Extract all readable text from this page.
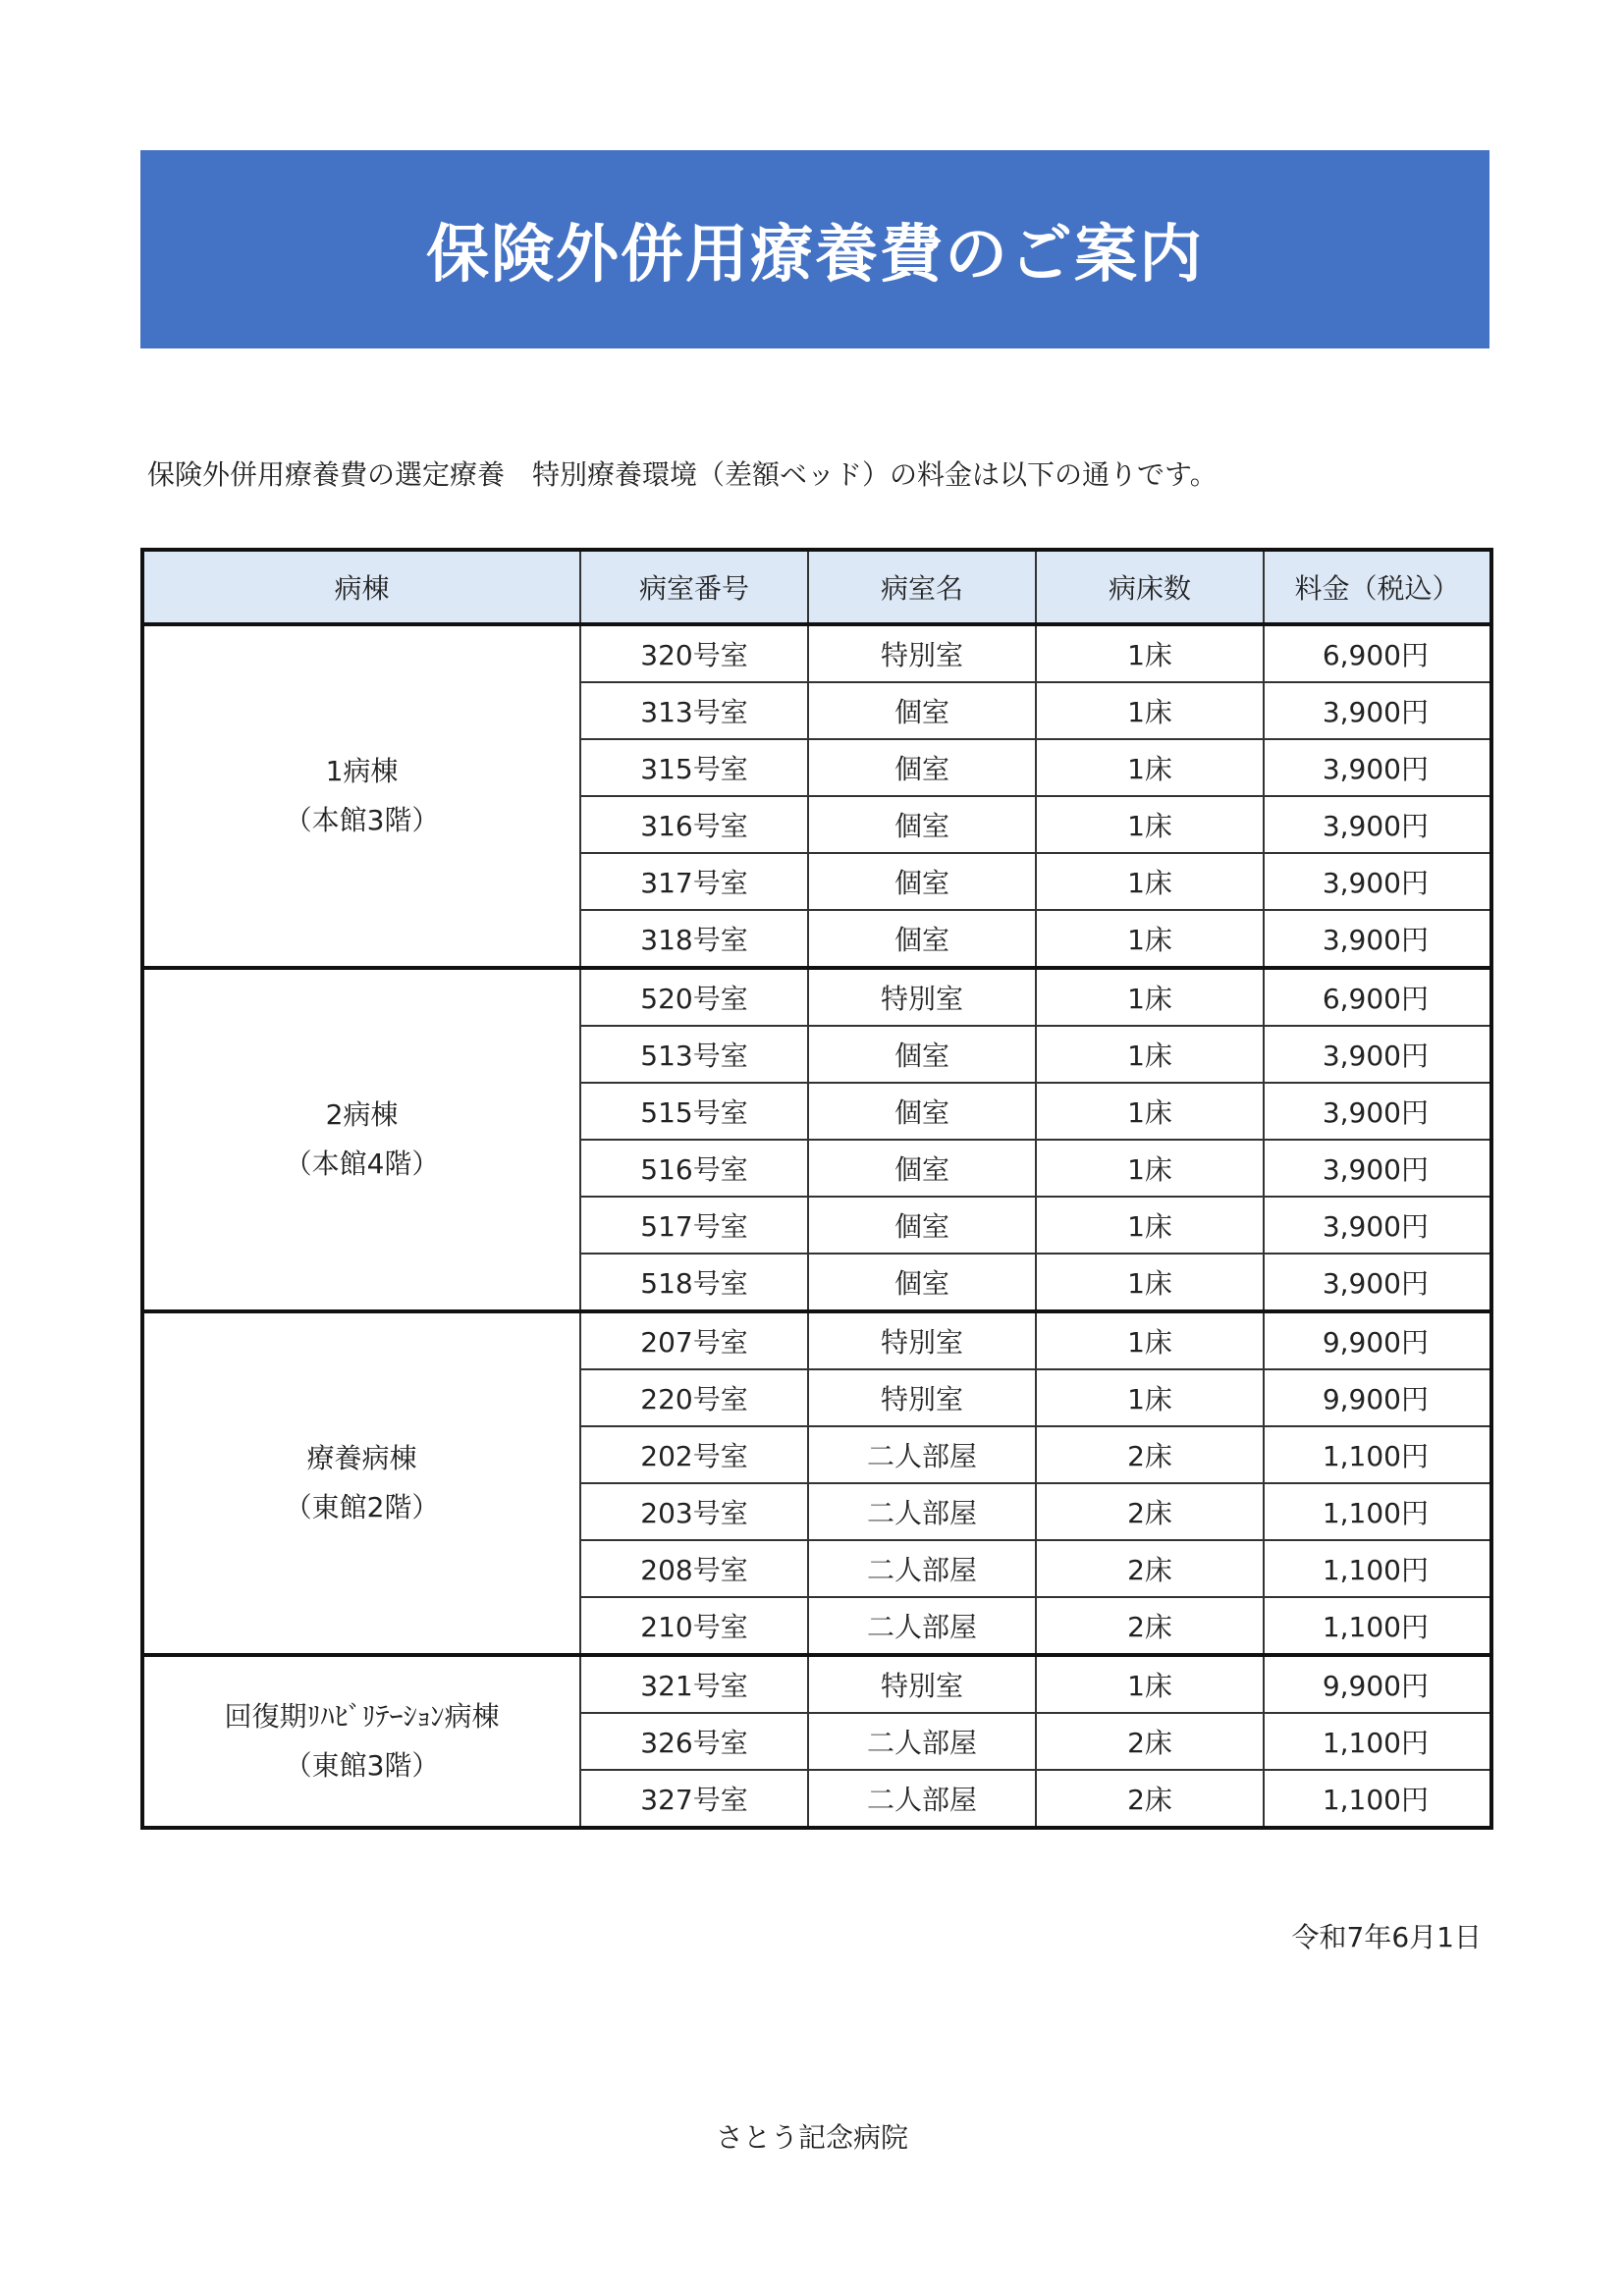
保険外併用療養費のご案内

保険外併用療養費の選定療養　特別療養環境（差額ベッド）の料金は以下の通りです。

病棟	病室番号	病室名	病床数	料金（税込）

1病棟
（本館3階）	320号室	特別室	1床	6,900円
	313号室	個室	1床	3,900円
	315号室	個室	1床	3,900円
	316号室	個室	1床	3,900円
	317号室	個室	1床	3,900円
	318号室	個室	1床	3,900円

2病棟
（本館4階）	520号室	特別室	1床	6,900円
	513号室	個室	1床	3,900円
	515号室	個室	1床	3,900円
	516号室	個室	1床	3,900円
	517号室	個室	1床	3,900円
	518号室	個室	1床	3,900円

療養病棟
（東館2階）	207号室	特別室	1床	9,900円
	220号室	特別室	1床	9,900円
	202号室	二人部屋	2床	1,100円
	203号室	二人部屋	2床	1,100円
	208号室	二人部屋	2床	1,100円
	210号室	二人部屋	2床	1,100円

回復期ﾘﾊﾋﾞﾘﾃｰｼｮﾝ病棟
（東館3階）	321号室	特別室	1床	9,900円
	326号室	二人部屋	2床	1,100円
	327号室	二人部屋	2床	1,100円
令和7年6月1日
さとう記念病院
